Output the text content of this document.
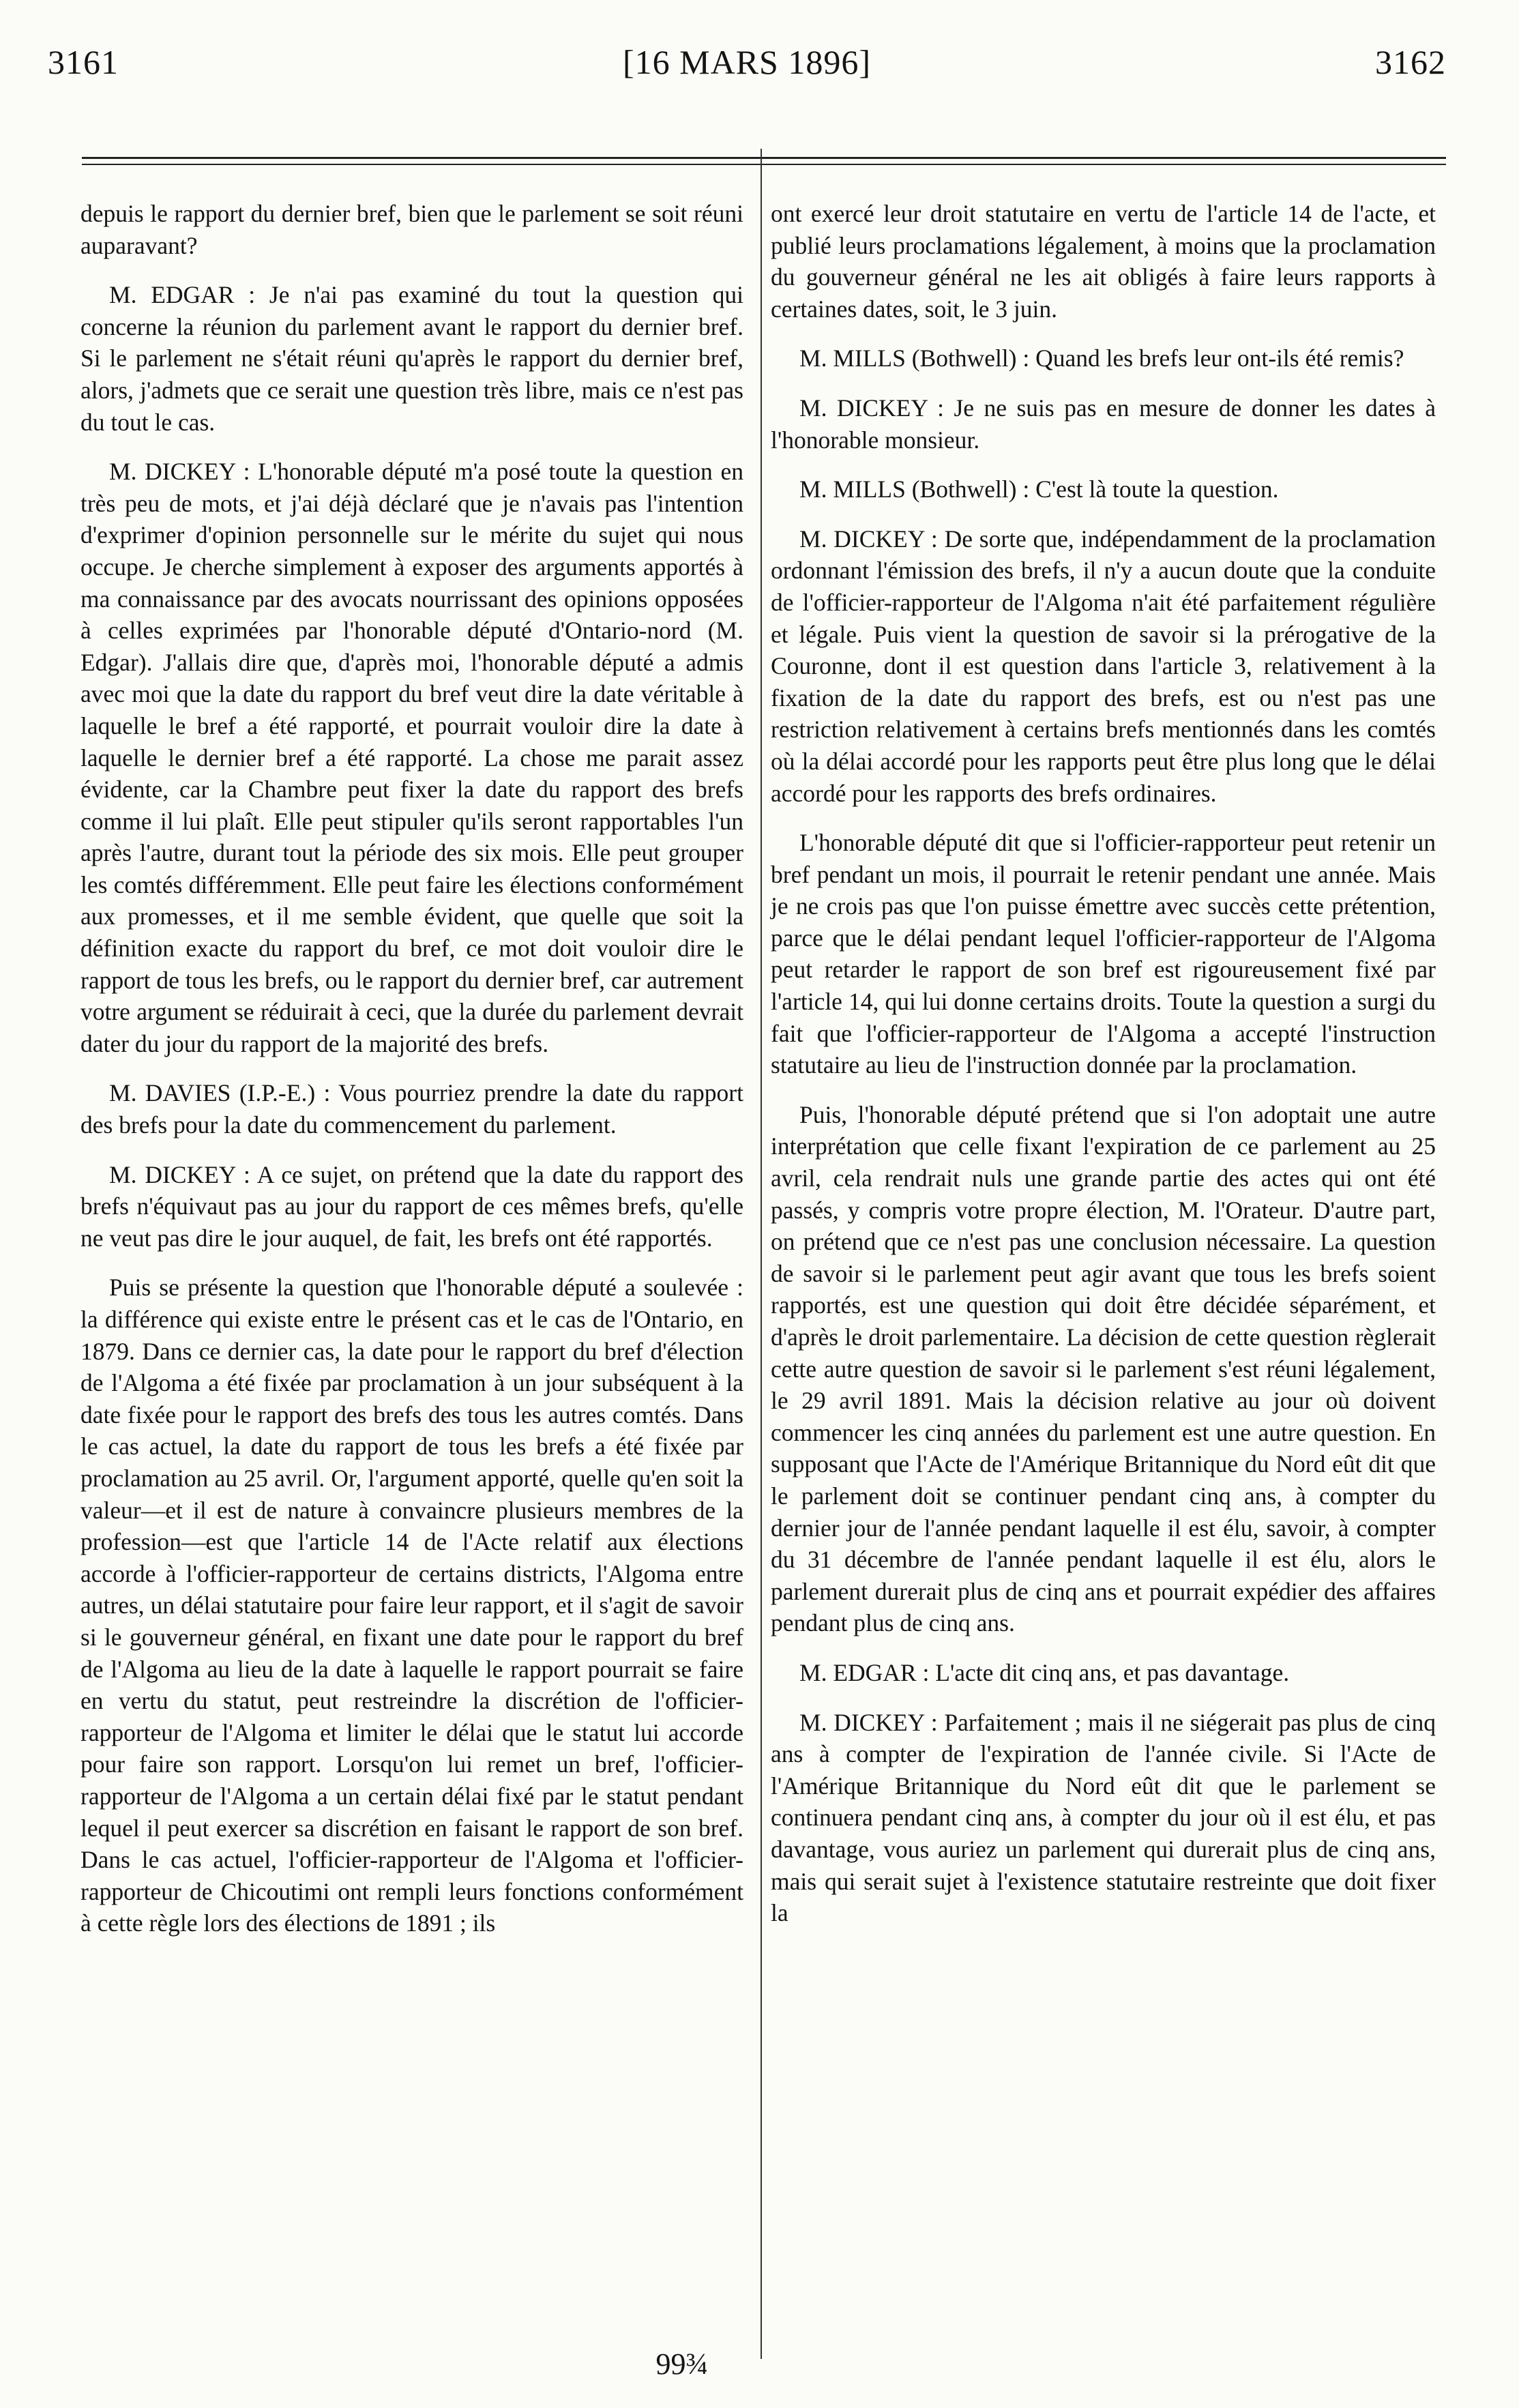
3161	[16 MARS 1896]	3162

depuis le rapport du dernier bref, bien que le parlement se soit réuni auparavant?

M. EDGAR : Je n'ai pas examiné du tout la question qui concerne la réunion du parlement avant le rapport du dernier bref. Si le parlement ne s'était réuni qu'après le rapport du dernier bref, alors, j'admets que ce serait une question très libre, mais ce n'est pas du tout le cas.

M. DICKEY : L'honorable député m'a posé toute la question en très peu de mots, et j'ai déjà déclaré que je n'avais pas l'intention d'exprimer d'opinion personnelle sur le mérite du sujet qui nous occupe. Je cherche simplement à exposer des arguments apportés à ma connaissance par des avocats nourrissant des opinions opposées à celles exprimées par l'honorable député d'Ontario-nord (M. Edgar). J'allais dire que, d'après moi, l'honorable député a admis avec moi que la date du rapport du bref veut dire la date véritable à laquelle le bref a été rapporté, et pourrait vouloir dire la date à laquelle le dernier bref a été rapporté. La chose me parait assez évidente, car la Chambre peut fixer la date du rapport des brefs comme il lui plaît. Elle peut stipuler qu'ils seront rapportables l'un après l'autre, durant tout la période des six mois. Elle peut grouper les comtés différemment. Elle peut faire les élections conformément aux promesses, et il me semble évident, que quelle que soit la définition exacte du rapport du bref, ce mot doit vouloir dire le rapport de tous les brefs, ou le rapport du dernier bref, car autrement votre argument se réduirait à ceci, que la durée du parlement devrait dater du jour du rapport de la majorité des brefs.

M. DAVIES (I.P.-E.) : Vous pourriez prendre la date du rapport des brefs pour la date du commencement du parlement.

M. DICKEY : A ce sujet, on prétend que la date du rapport des brefs n'équivaut pas au jour du rapport de ces mêmes brefs, qu'elle ne veut pas dire le jour auquel, de fait, les brefs ont été rapportés.

Puis se présente la question que l'honorable député a soulevée : la différence qui existe entre le présent cas et le cas de l'Ontario, en 1879. Dans ce dernier cas, la date pour le rapport du bref d'élection de l'Algoma a été fixée par proclamation à un jour subséquent à la date fixée pour le rapport des brefs des tous les autres comtés. Dans le cas actuel, la date du rapport de tous les brefs a été fixée par proclamation au 25 avril. Or, l'argument apporté, quelle qu'en soit la valeur—et il est de nature à convaincre plusieurs membres de la profession—est que l'article 14 de l'Acte relatif aux élections accorde à l'officier-rapporteur de certains districts, l'Algoma entre autres, un délai statutaire pour faire leur rapport, et il s'agit de savoir si le gouverneur général, en fixant une date pour le rapport du bref de l'Algoma au lieu de la date à laquelle le rapport pourrait se faire en vertu du statut, peut restreindre la discrétion de l'officier-rapporteur de l'Algoma et limiter le délai que le statut lui accorde pour faire son rapport. Lorsqu'on lui remet un bref, l'officier-rapporteur de l'Algoma a un certain délai fixé par le statut pendant lequel il peut exercer sa discrétion en faisant le rapport de son bref. Dans le cas actuel, l'officier-rapporteur de l'Algoma et l'officier-rapporteur de Chicoutimi ont rempli leurs fonctions conformément à cette règle lors des élections de 1891 ; ils

ont exercé leur droit statutaire en vertu de l'article 14 de l'acte, et publié leurs proclamations légalement, à moins que la proclamation du gouverneur général ne les ait obligés à faire leurs rapports à certaines dates, soit, le 3 juin.

M. MILLS (Bothwell) : Quand les brefs leur ont-ils été remis?

M. DICKEY : Je ne suis pas en mesure de donner les dates à l'honorable monsieur.

M. MILLS (Bothwell) : C'est là toute la question.

M. DICKEY : De sorte que, indépendamment de la proclamation ordonnant l'émission des brefs, il n'y a aucun doute que la conduite de l'officier-rapporteur de l'Algoma n'ait été parfaitement régulière et légale. Puis vient la question de savoir si la prérogative de la Couronne, dont il est question dans l'article 3, relativement à la fixation de la date du rapport des brefs, est ou n'est pas une restriction relativement à certains brefs mentionnés dans les comtés où la délai accordé pour les rapports peut être plus long que le délai accordé pour les rapports des brefs ordinaires.

L'honorable député dit que si l'officier-rapporteur peut retenir un bref pendant un mois, il pourrait le retenir pendant une année. Mais je ne crois pas que l'on puisse émettre avec succès cette prétention, parce que le délai pendant lequel l'officier-rapporteur de l'Algoma peut retarder le rapport de son bref est rigoureusement fixé par l'article 14, qui lui donne certains droits. Toute la question a surgi du fait que l'officier-rapporteur de l'Algoma a accepté l'instruction statutaire au lieu de l'instruction donnée par la proclamation.

Puis, l'honorable député prétend que si l'on adoptait une autre interprétation que celle fixant l'expiration de ce parlement au 25 avril, cela rendrait nuls une grande partie des actes qui ont été passés, y compris votre propre élection, M. l'Orateur. D'autre part, on prétend que ce n'est pas une conclusion nécessaire. La question de savoir si le parlement peut agir avant que tous les brefs soient rapportés, est une question qui doit être décidée séparément, et d'après le droit parlementaire. La décision de cette question règlerait cette autre question de savoir si le parlement s'est réuni légalement, le 29 avril 1891. Mais la décision relative au jour où doivent commencer les cinq années du parlement est une autre question. En supposant que l'Acte de l'Amérique Britannique du Nord eût dit que le parlement doit se continuer pendant cinq ans, à compter du dernier jour de l'année pendant laquelle il est élu, savoir, à compter du 31 décembre de l'année pendant laquelle il est élu, alors le parlement durerait plus de cinq ans et pourrait expédier des affaires pendant plus de cinq ans.

M. EDGAR : L'acte dit cinq ans, et pas davantage.

M. DICKEY : Parfaitement ; mais il ne siégerait pas plus de cinq ans à compter de l'expiration de l'année civile. Si l'Acte de l'Amérique Britannique du Nord eût dit que le parlement se continuera pendant cinq ans, à compter du jour où il est élu, et pas davantage, vous auriez un parlement qui durerait plus de cinq ans, mais qui serait sujet à l'existence statutaire restreinte que doit fixer la

99¾
